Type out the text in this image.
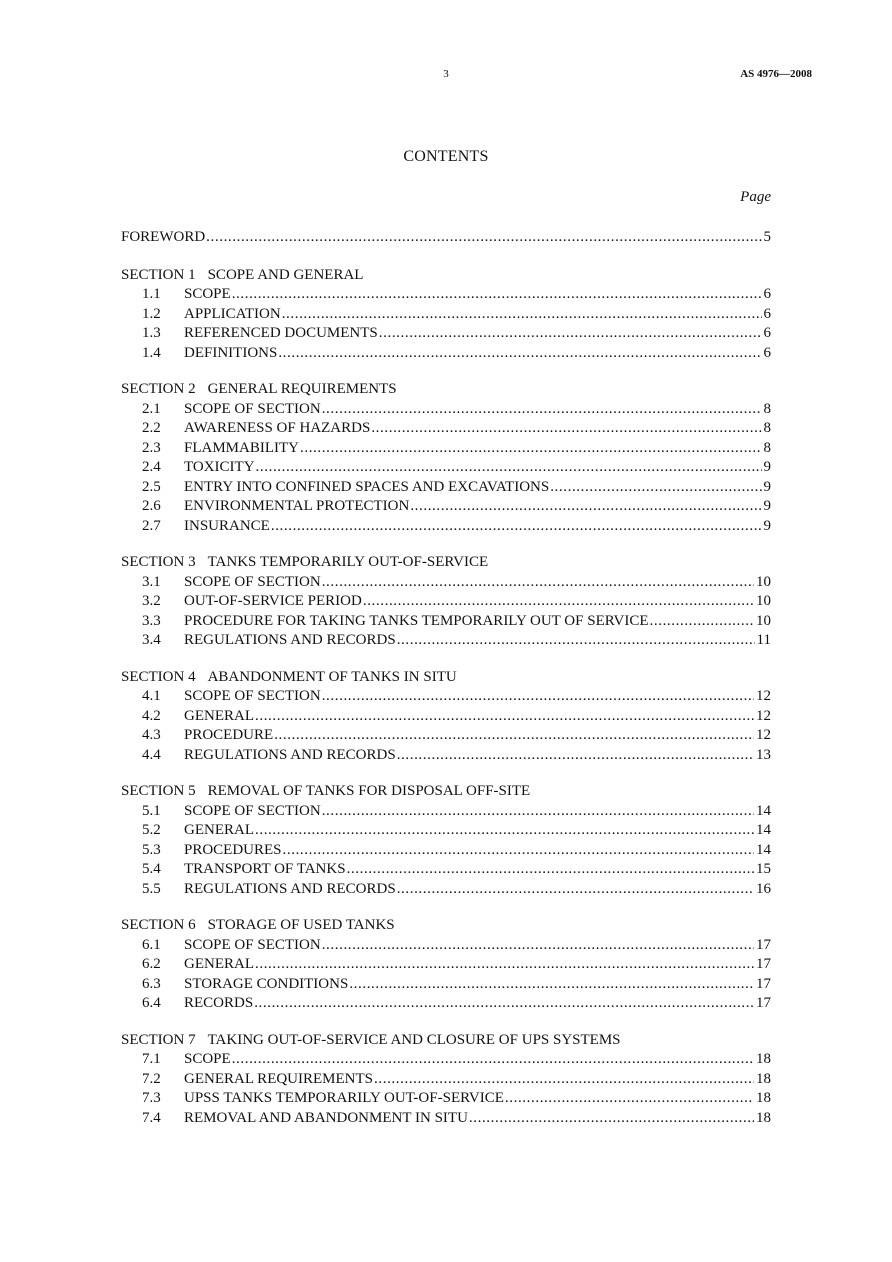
3	AS 4976—2008
CONTENTS
Page
FOREWORD .....	5
SECTION 1 SCOPE AND GENERAL
1.1	SCOPE .....	6
1.2	APPLICATION .....	6
1.3	REFERENCED DOCUMENTS .....	6
1.4	DEFINITIONS .....	6
SECTION 2 GENERAL REQUIREMENTS
2.1	SCOPE OF SECTION .....	8
2.2	AWARENESS OF HAZARDS .....	8
2.3	FLAMMABILITY .....	8
2.4	TOXICITY .....	9
2.5	ENTRY INTO CONFINED SPACES AND EXCAVATIONS .....	9
2.6	ENVIRONMENTAL PROTECTION .....	9
2.7	INSURANCE .....	9
SECTION 3 TANKS TEMPORARILY OUT-OF-SERVICE
3.1	SCOPE OF SECTION .....	10
3.2	OUT-OF-SERVICE PERIOD .....	10
3.3	PROCEDURE FOR TAKING TANKS TEMPORARILY OUT OF SERVICE .....	10
3.4	REGULATIONS AND RECORDS .....	11
SECTION 4 ABANDONMENT OF TANKS IN SITU
4.1	SCOPE OF SECTION .....	12
4.2	GENERAL .....	12
4.3	PROCEDURE .....	12
4.4	REGULATIONS AND RECORDS .....	13
SECTION 5 REMOVAL OF TANKS FOR DISPOSAL OFF-SITE
5.1	SCOPE OF SECTION .....	14
5.2	GENERAL .....	14
5.3	PROCEDURES .....	14
5.4	TRANSPORT OF TANKS .....	15
5.5	REGULATIONS AND RECORDS .....	16
SECTION 6 STORAGE OF USED TANKS
6.1	SCOPE OF SECTION .....	17
6.2	GENERAL .....	17
6.3	STORAGE CONDITIONS .....	17
6.4	RECORDS .....	17
SECTION 7 TAKING OUT-OF-SERVICE AND CLOSURE OF UPS SYSTEMS
7.1	SCOPE .....	18
7.2	GENERAL REQUIREMENTS .....	18
7.3	UPSS TANKS TEMPORARILY OUT-OF-SERVICE .....	18
7.4	REMOVAL AND ABANDONMENT IN SITU .....	18
